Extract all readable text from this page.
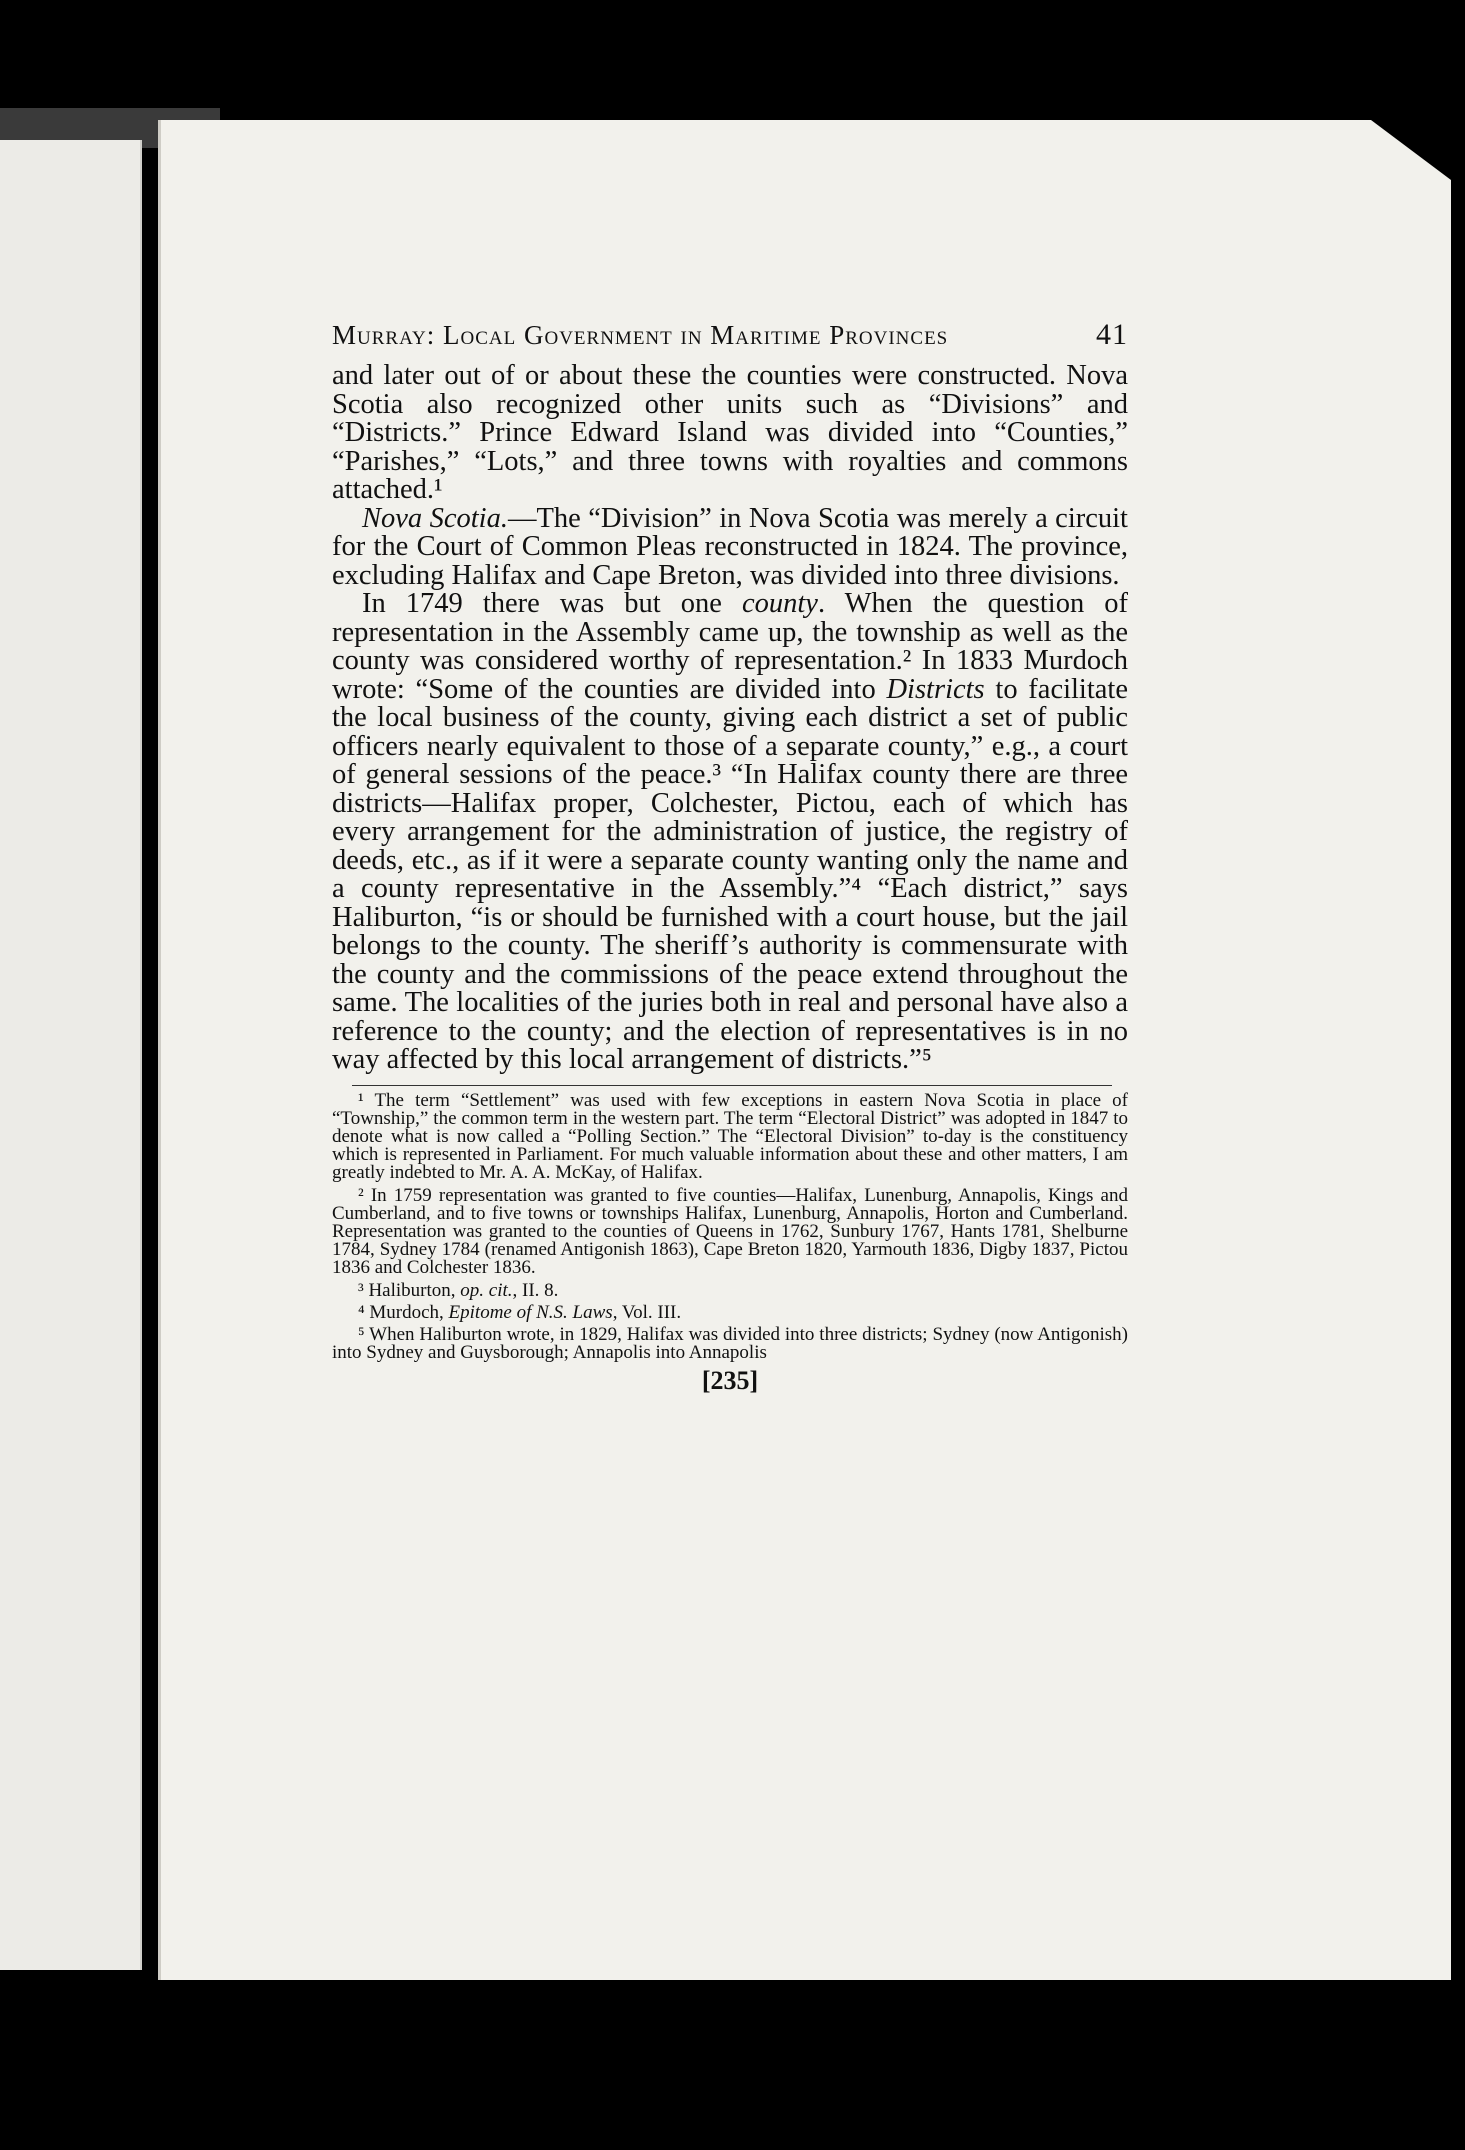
Murray: Local Government in Maritime Provinces	41

and later out of or about these the counties were constructed. Nova Scotia also recognized other units such as “Divisions” and “Districts.” Prince Edward Island was divided into “Counties,” “Parishes,” “Lots,” and three towns with royalties and commons attached.¹

Nova Scotia.—The “Division” in Nova Scotia was merely a circuit for the Court of Common Pleas reconstructed in 1824. The province, excluding Halifax and Cape Breton, was divided into three divisions.

In 1749 there was but one county. When the question of representation in the Assembly came up, the township as well as the county was considered worthy of representation.² In 1833 Murdoch wrote: “Some of the counties are divided into Districts to facilitate the local business of the county, giving each district a set of public officers nearly equivalent to those of a separate county,” e.g., a court of general sessions of the peace.³ “In Halifax county there are three districts—Halifax proper, Colchester, Pictou, each of which has every arrangement for the administration of justice, the registry of deeds, etc., as if it were a separate county wanting only the name and a county representative in the Assembly.”⁴ “Each district,” says Haliburton, “is or should be furnished with a court house, but the jail belongs to the county. The sheriff’s authority is commensurate with the county and the commissions of the peace extend throughout the same. The localities of the juries both in real and personal have also a reference to the county; and the election of representatives is in no way affected by this local arrangement of districts.”⁵

¹ The term “Settlement” was used with few exceptions in eastern Nova Scotia in place of “Township,” the common term in the western part. The term “Electoral District” was adopted in 1847 to denote what is now called a “Polling Section.” The “Electoral Division” to-day is the constituency which is represented in Parliament. For much valuable information about these and other matters, I am greatly indebted to Mr. A. A. McKay, of Halifax.

² In 1759 representation was granted to five counties—Halifax, Lunenburg, Annapolis, Kings and Cumberland, and to five towns or townships Halifax, Lunenburg, Annapolis, Horton and Cumberland. Representation was granted to the counties of Queens in 1762, Sunbury 1767, Hants 1781, Shelburne 1784, Sydney 1784 (renamed Antigonish 1863), Cape Breton 1820, Yarmouth 1836, Digby 1837, Pictou 1836 and Colchester 1836.

³ Haliburton, op. cit., II. 8.

⁴ Murdoch, Epitome of N.S. Laws, Vol. III.

⁵ When Haliburton wrote, in 1829, Halifax was divided into three districts; Sydney (now Antigonish) into Sydney and Guysborough; Annapolis into Annapolis

[235]
